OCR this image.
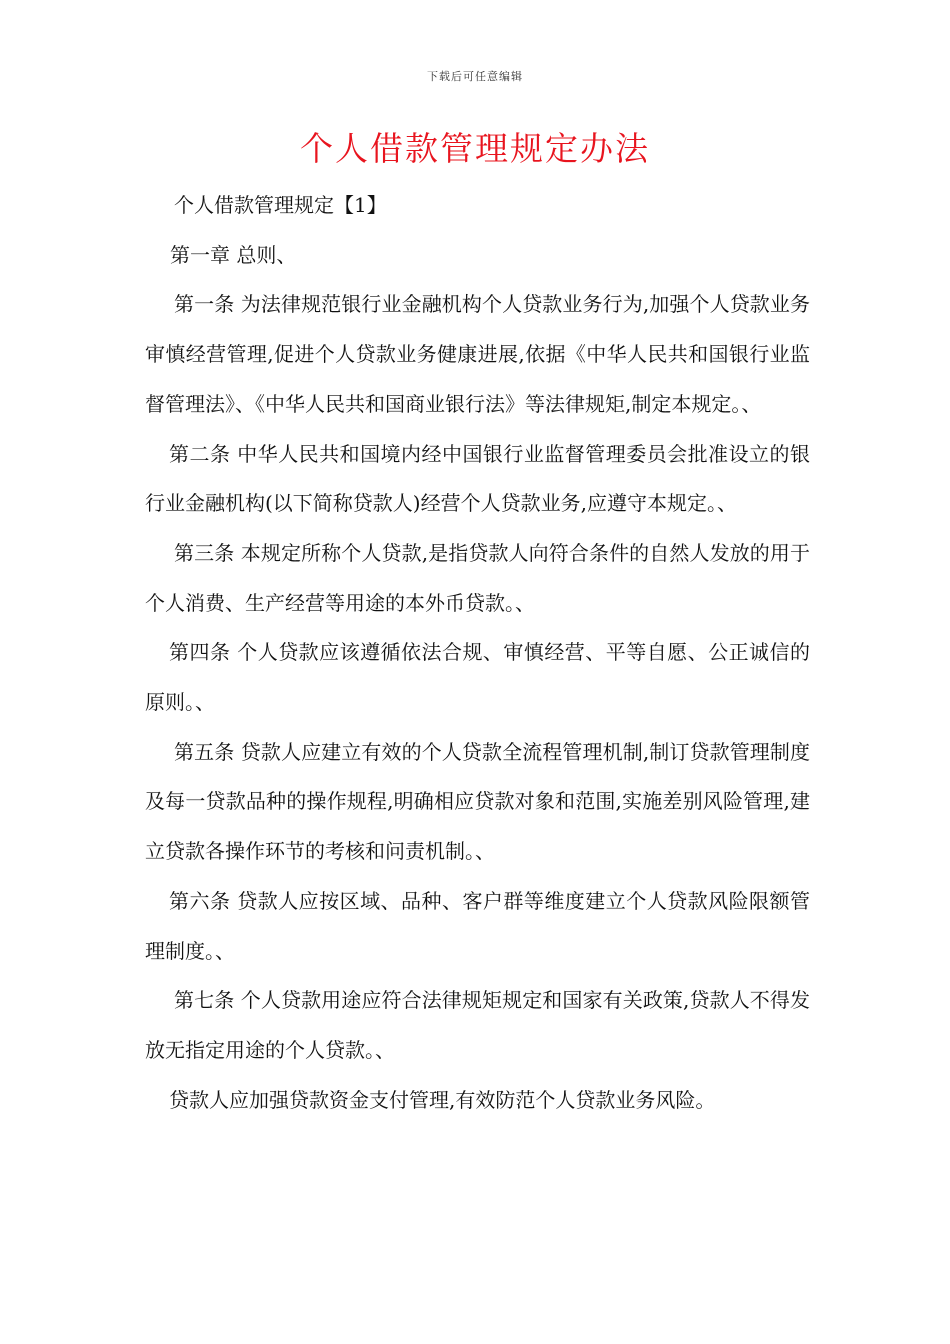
下载后可任意编辑
个人借款管理规定办法

个人借款管理规定【1】

第一章 总则、

第一条 为法律规范银行业金融机构个人贷款业务行为,加强个人贷款业务审慎经营管理,促进个人贷款业务健康进展,依据《中华人民共和国银行业监督管理法》、《中华人民共和国商业银行法》等法律规矩,制定本规定。、

第二条 中华人民共和国境内经中国银行业监督管理委员会批准设立的银行业金融机构(以下简称贷款人)经营个人贷款业务,应遵守本规定。、

第三条 本规定所称个人贷款,是指贷款人向符合条件的自然人发放的用于个人消费、生产经营等用途的本外币贷款。、

第四条 个人贷款应该遵循依法合规、审慎经营、平等自愿、公正诚信的原则。、

第五条 贷款人应建立有效的个人贷款全流程管理机制,制订贷款管理制度及每一贷款品种的操作规程,明确相应贷款对象和范围,实施差别风险管理,建立贷款各操作环节的考核和问责机制。、

第六条 贷款人应按区域、品种、客户群等维度建立个人贷款风险限额管理制度。、

第七条 个人贷款用途应符合法律规矩规定和国家有关政策,贷款人不得发放无指定用途的个人贷款。、

贷款人应加强贷款资金支付管理,有效防范个人贷款业务风险。
